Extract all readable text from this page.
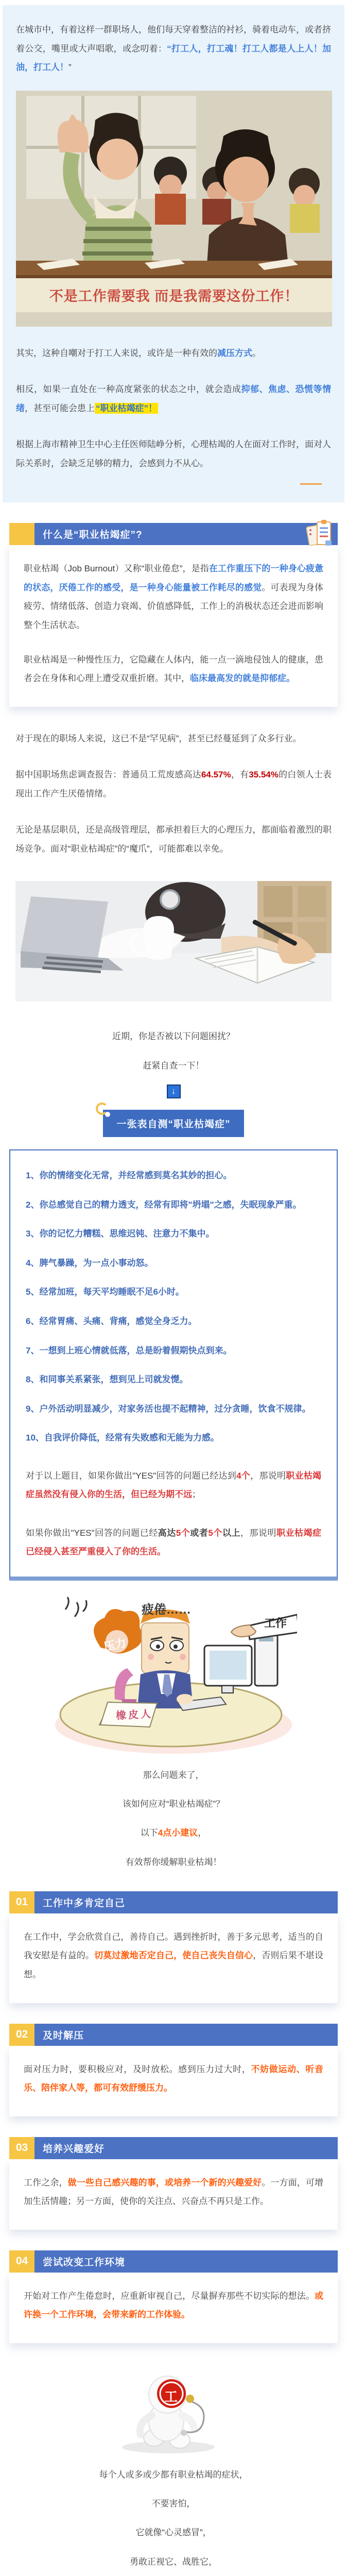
在城市中，有着这样一群职场人，他们每天穿着整洁的衬衫，骑着电动车，或者挤着公交，嘴里或大声唱歌，或念叨着：“打工人，打工魂！打工人都是人上人！加油，打工人！”

不是工作需要我 而是我需要这份工作！

其实，这种自嘲对于打工人来说，或许是一种有效的减压方式。

相反，如果一直处在一种高度紧张的状态之中，就会造成抑郁、焦虑、恐慌等情绪，甚至可能会患上 “职业枯竭症”！

根据上海市精神卫生中心主任医师陆峥分析，心理枯竭的人在面对工作时，面对人际关系时，会缺乏足够的精力，会感到力不从心。

什么是“职业枯竭症”?

职业枯竭（Job Burnout）又称“职业倦怠”，是指在工作重压下的一种身心疲惫的状态，厌倦工作的感受，是一种身心能量被工作耗尽的感觉。可表现为身体疲劳、情绪低落、创造力衰竭、价值感降低，工作上的消极状态还会进而影响整个生活状态。

职业枯竭是一种慢性压力，它隐藏在人体内，能一点一滴地侵蚀人的健康，患者会在身体和心理上遭受双重折磨。其中，临床最高发的就是抑郁症。

对于现在的职场人来说，这已不是“罕见病”，甚至已经蔓延到了众多行业。

据中国职场焦虑调查报告：普通员工荒废感高达64.57%，有35.54%的白领人士表现出工作产生厌倦情绪。

无论是基层职员，还是高级管理层，都承担着巨大的心理压力，都面临着激烈的职场竞争。面对“职业枯竭症”的“魔爪”，可能都难以幸免。

近期，你是否被以下问题困扰？
赶紧自查一下！
↓
一张表自测“职业枯竭症”
1、你的情绪变化无常，并经常感到莫名其妙的担心。
2、你总感觉自己的精力透支，经常有即将"坍塌"之感，失眠现象严重。
3、你的记忆力糟糕、思维迟钝、注意力不集中。
4、脾气暴躁，为一点小事动怒。
5、经常加班，每天平均睡眠不足6小时。
6、经常胃痛、头痛、背痛，感觉全身乏力。
7、一想到上班心情就低落，总是盼着假期快点到来。
8、和同事关系紧张，想到见上司就发憷。
9、户外活动明显减少，对家务活也提不起精神，过分贪睡，饮食不规律。
10、自我评价降低，经常有失败感和无能为力感。

对于以上题目，如果你做出"YES"回答的问题已经达到4个，那说明职业枯竭症虽然没有侵入你的生活，但已经为期不远；

如果你做出"YES"回答的问题已经高达5个或者5个以上，那说明职业枯竭症已经侵入甚至严重侵入了你的生活。

疲倦……
压力
工作
橡皮人
那么问题来了，
该如何应对“职业枯竭症”？
以下4点小建议，
有效帮你缓解职业枯竭！
01	工作中多肯定自己

在工作中，学会欣赏自己，善待自己。遇到挫折时，善于多元思考，适当的自我安慰是有益的。切莫过激地否定自己，使自己丧失自信心，否则后果不堪设想。

02	及时解压

面对压力时，要积极应对，及时放松。感到压力过大时，不妨做运动、听音乐、陪伴家人等，都可有效舒缓压力。

03	培养兴趣爱好

工作之余，做一些自己感兴趣的事，或培养一个新的兴趣爱好。一方面，可增加生活情趣；另一方面，使你的关注点、兴奋点不再只是工作。

04	尝试改变工作环境

开始对工作产生倦怠时，应重新审视自己，尽量摒弃那些不切实际的想法。或许换一个工作环境，会带来新的工作体验。

工
每个人或多或少都有职业枯竭的症状，
不要害怕，
它就像“心灵感冒”，
勇敢正视它、战胜它，
